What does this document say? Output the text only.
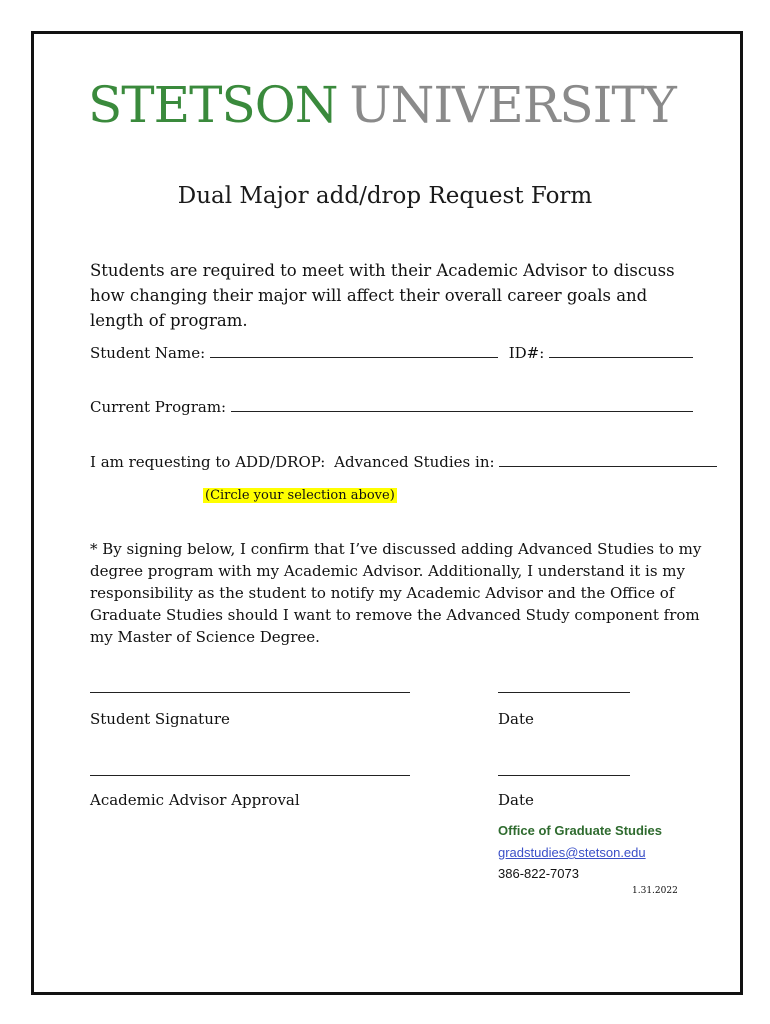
STETSON UNIVERSITY
Dual Major add/drop Request Form
Students are required to meet with their Academic Advisor to discuss how changing their major will affect their overall career goals and length of program.
Student Name:	ID#:
Current Program:
I am requesting to ADD/DROP: Advanced Studies in:
(Circle your selection above)
* By signing below, I confirm that I’ve discussed adding Advanced Studies to my degree program with my Academic Advisor. Additionally, I understand it is my responsibility as the student to notify my Academic Advisor and the Office of Graduate Studies should I want to remove the Advanced Study component from my Master of Science Degree.
Student Signature	Date
Academic Advisor Approval	Date
Office of Graduate Studies
gradstudies@stetson.edu
386-822-7073
1.31.2022
